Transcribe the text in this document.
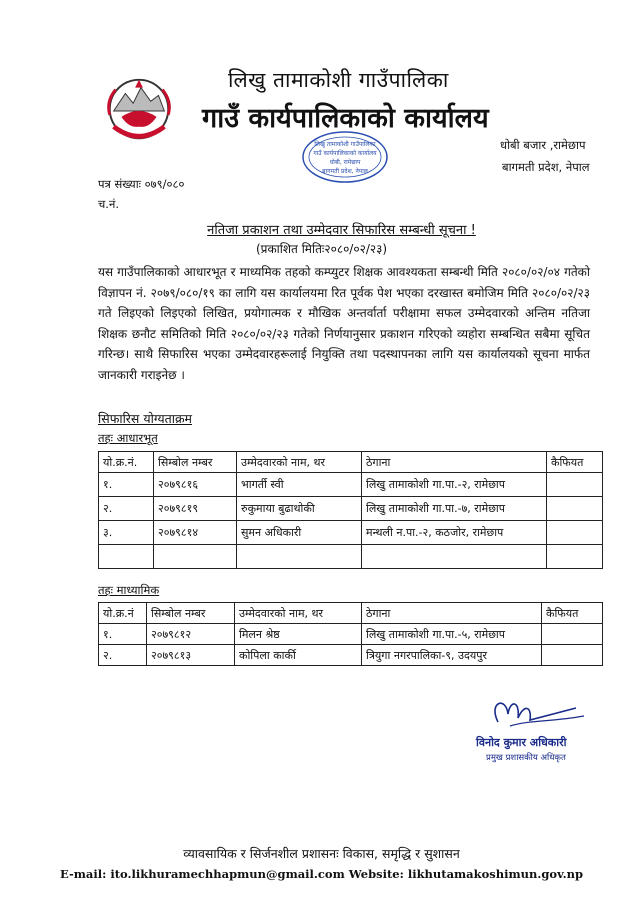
लिखु तामाकोशी गाउँपालिका
गाउँ कार्यपालिकाको कार्यालय
लिखु तामाकोशी गाउँपालिका
गाउँ कार्यपालिकाको कार्यालय
धोबी, रामेछाप
बागमती प्रदेश, नेपाल
धोबी बजार ,रामेछाप
बागमती प्रदेश, नेपाल
पत्र संख्याः ०७९/०८०
च.नं.
नतिजा प्रकाशन तथा उम्मेदवार सिफारिस सम्बन्धी सूचना !
(प्रकाशित मितिः२०८०/०२/२३)
यस गाउँपालिकाको आधारभूत र माध्यमिक तहको कम्प्युटर शिक्षक आवश्यकता सम्बन्धी मिति २०८०/०२/०४ गतेको विज्ञापन नं. २०७९/०८०/१९ का लागि यस कार्यालयमा रित पूर्वक पेश भएका दरखास्त बमोजिम मिति २०८०/०२/२३ गते लिइएको लिइएको लिखित, प्रयोगात्मक र मौखिक अन्तर्वार्ता परीक्षामा सफल उम्मेदवारको अन्तिम नतिजा शिक्षक छनौट समितिको मिति २०८०/०२/२३ गतेको निर्णयानुसार प्रकाशन गरिएको व्यहोरा सम्बन्धित सबैमा सूचित गरिन्छ। साथै सिफारिस भएका उम्मेदवारहरूलाई नियुक्ति तथा पदस्थापनका लागि यस कार्यालयको सूचना मार्फत जानकारी गराइनेछ ।
सिफारिस योग्यताक्रम
तहः आधारभूत
यो.क्र.नं.	सिम्बोल नम्बर	उम्मेदवारको नाम, थर	ठेगाना	कैफियत
१.	२०७९८१६	भागर्ती स्वी	लिखु तामाकोशी गा.पा.-२, रामेछाप	
२.	२०७९८१९	रुकुमाया बुढाथोकी	लिखु तामाकोशी गा.पा.-७, रामेछाप	
३.	२०७९८१४	सुमन अधिकारी	मन्थली न.पा.-२, कठजोर, रामेछाप	

तहः माध्यामिक
यो.क्र.नं	सिम्बोल नम्बर	उम्मेदवारको नाम, थर	ठेगाना	कैफियत
१.	२०७९८१२	मिलन श्रेष्ठ	लिखु तामाकोशी गा.पा.-५, रामेछाप	
२.	२०७९८१३	कोपिला कार्की	त्रियुगा नगरपालिका-९, उदयपुर	
विनोद कुमार अधिकारी
प्रमुख प्रशासकीय अधिकृत
व्यावसायिक र सिर्जनशील प्रशासनः विकास, समृद्धि र सुशासन
E-mail: ito.likhuramechhapmun@gmail.com Website: likhutamakoshimun.gov.np
